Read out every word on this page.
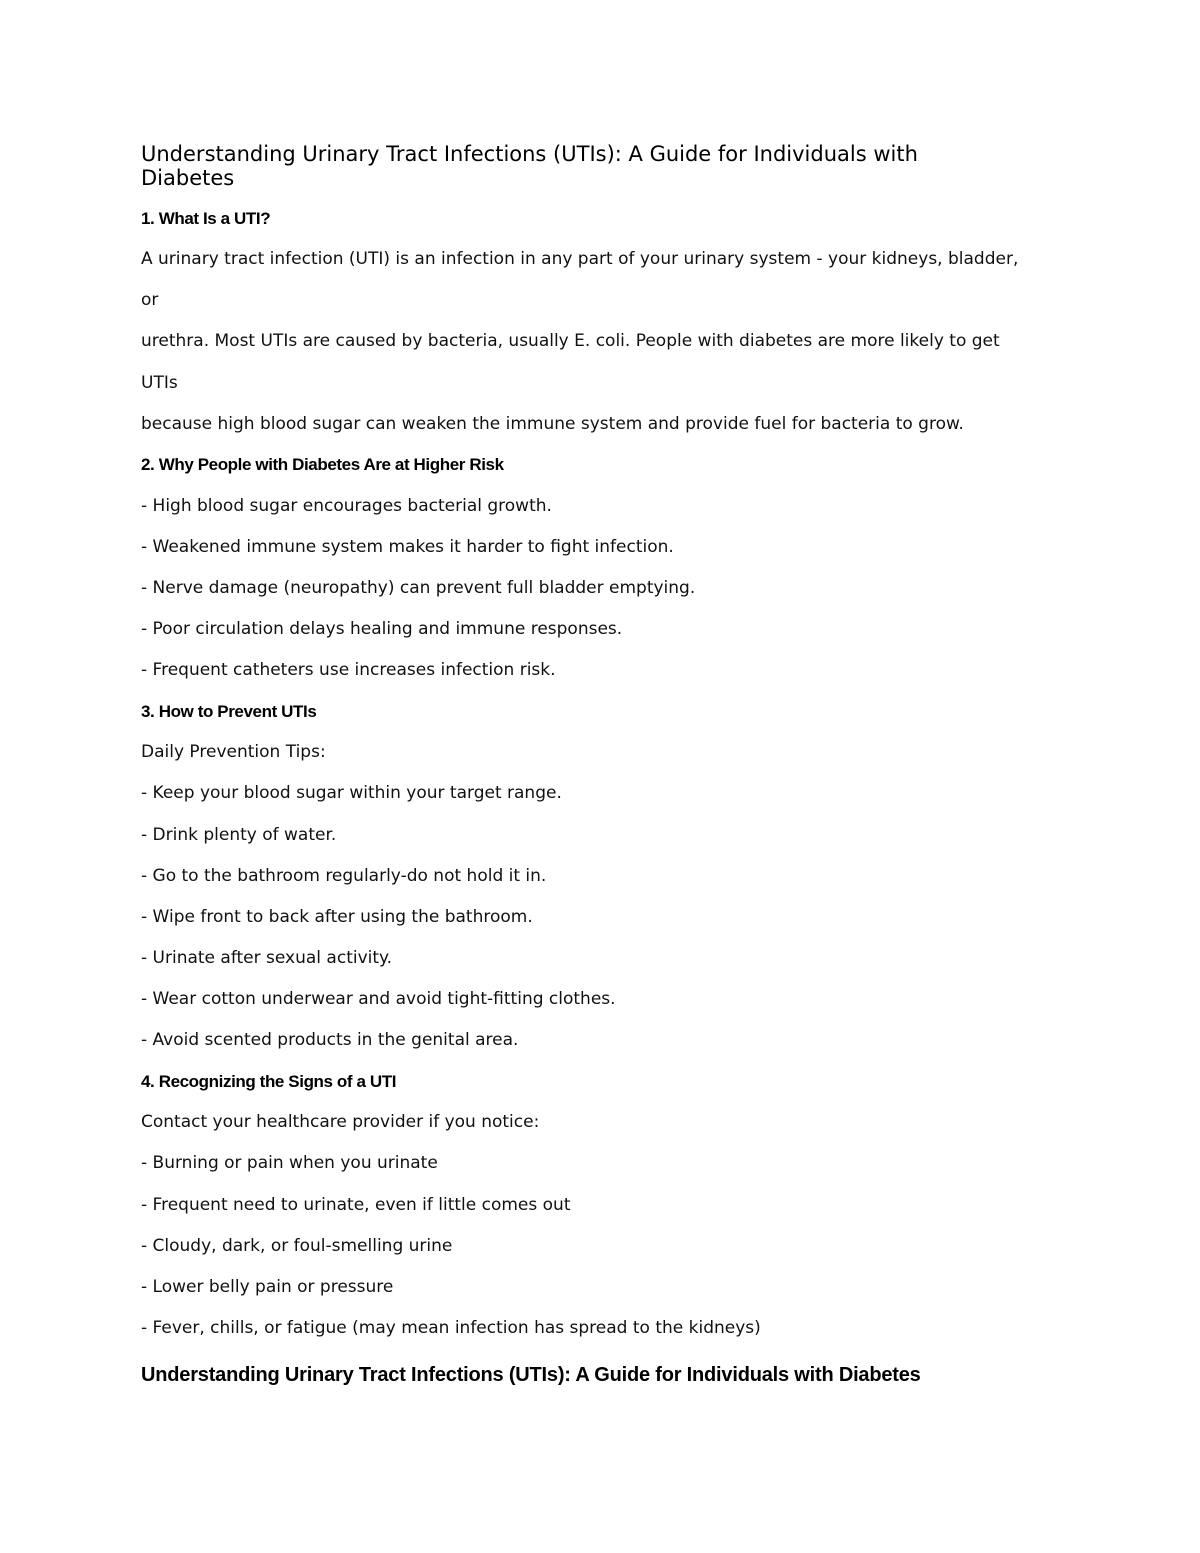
Understanding Urinary Tract Infections (UTIs): A Guide for Individuals with
Diabetes
1. What Is a UTI?

A urinary tract infection (UTI) is an infection in any part of your urinary system - your kidneys, bladder,

or

urethra. Most UTIs are caused by bacteria, usually E. coli. People with diabetes are more likely to get

UTIs

because high blood sugar can weaken the immune system and provide fuel for bacteria to grow.

2. Why People with Diabetes Are at Higher Risk

- High blood sugar encourages bacterial growth.

- Weakened immune system makes it harder to fight infection.

- Nerve damage (neuropathy) can prevent full bladder emptying.

- Poor circulation delays healing and immune responses.

- Frequent catheters use increases infection risk.

3. How to Prevent UTIs

Daily Prevention Tips:

- Keep your blood sugar within your target range.

- Drink plenty of water.

- Go to the bathroom regularly-do not hold it in.

- Wipe front to back after using the bathroom.

- Urinate after sexual activity.

- Wear cotton underwear and avoid tight-fitting clothes.

- Avoid scented products in the genital area.

4. Recognizing the Signs of a UTI

Contact your healthcare provider if you notice:

- Burning or pain when you urinate

- Frequent need to urinate, even if little comes out

- Cloudy, dark, or foul-smelling urine

- Lower belly pain or pressure

- Fever, chills, or fatigue (may mean infection has spread to the kidneys)

Understanding Urinary Tract Infections (UTIs): A Guide for Individuals with Diabetes
